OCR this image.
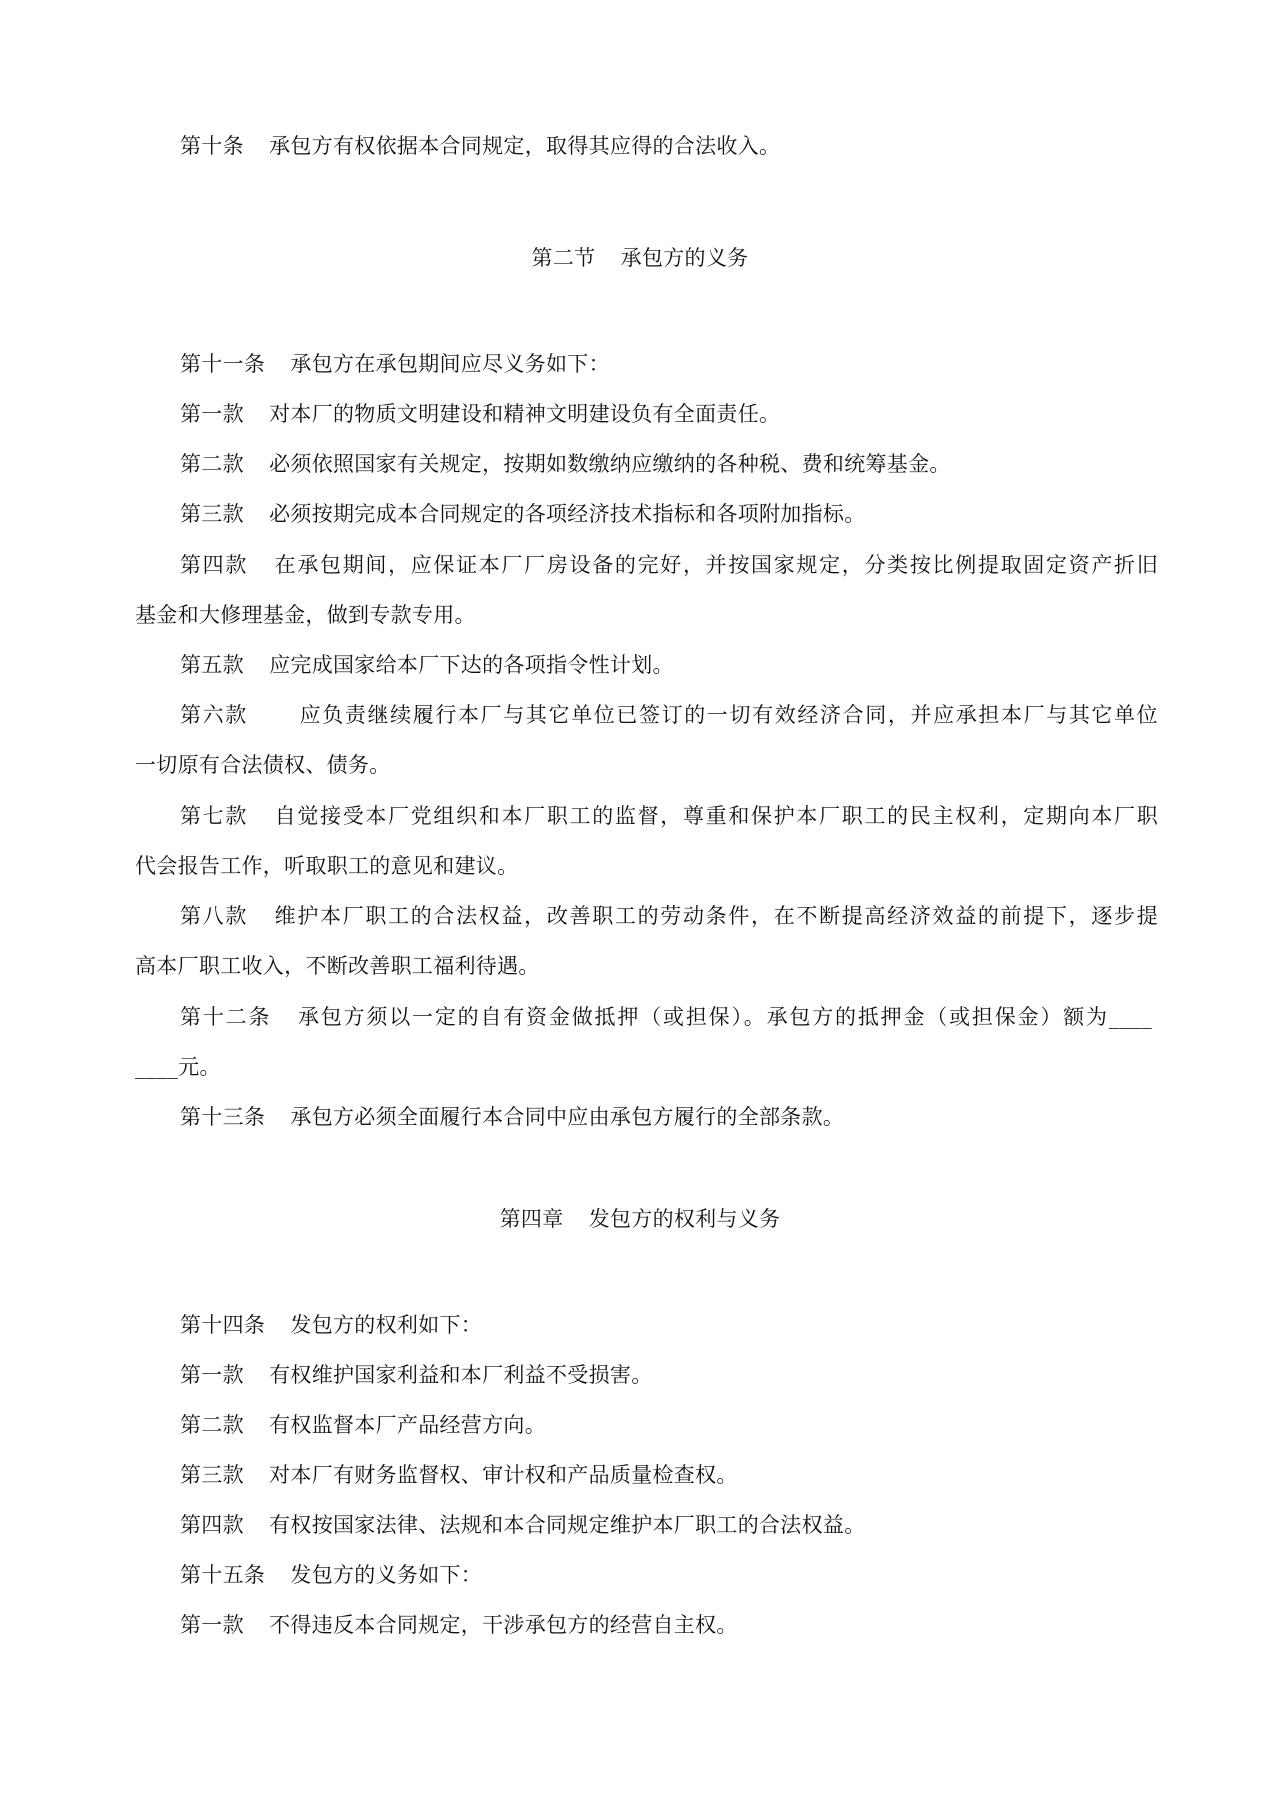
第十条 承包方有权依据本合同规定，取得其应得的合法收入。
第二节 承包方的义务
第十一条 承包方在承包期间应尽义务如下：
第一款 对本厂的物质文明建设和精神文明建设负有全面责任。
第二款 必须依照国家有关规定，按期如数缴纳应缴纳的各种税、费和统筹基金。
第三款 必须按期完成本合同规定的各项经济技术指标和各项附加指标。
第四款 在承包期间，应保证本厂厂房设备的完好，并按国家规定，分类按比例提取固定资产折旧
基金和大修理基金，做到专款专用。
第五款 应完成国家给本厂下达的各项指令性计划。
第六款 应负责继续履行本厂与其它单位已签订的一切有效经济合同，并应承担本厂与其它单位
一切原有合法债权、债务。
第七款 自觉接受本厂党组织和本厂职工的监督，尊重和保护本厂职工的民主权利，定期向本厂职
代会报告工作，听取职工的意见和建议。
第八款 维护本厂职工的合法权益，改善职工的劳动条件，在不断提高经济效益的前提下，逐步提
高本厂职工收入，不断改善职工福利待遇。
第十二条 承包方须以一定的自有资金做抵押（或担保）。承包方的抵押金（或担保金）额为____
____元。
第十三条 承包方必须全面履行本合同中应由承包方履行的全部条款。
第四章 发包方的权利与义务
第十四条 发包方的权利如下：
第一款 有权维护国家利益和本厂利益不受损害。
第二款 有权监督本厂产品经营方向。
第三款 对本厂有财务监督权、审计权和产品质量检查权。
第四款 有权按国家法律、法规和本合同规定维护本厂职工的合法权益。
第十五条 发包方的义务如下：
第一款 不得违反本合同规定，干涉承包方的经营自主权。
